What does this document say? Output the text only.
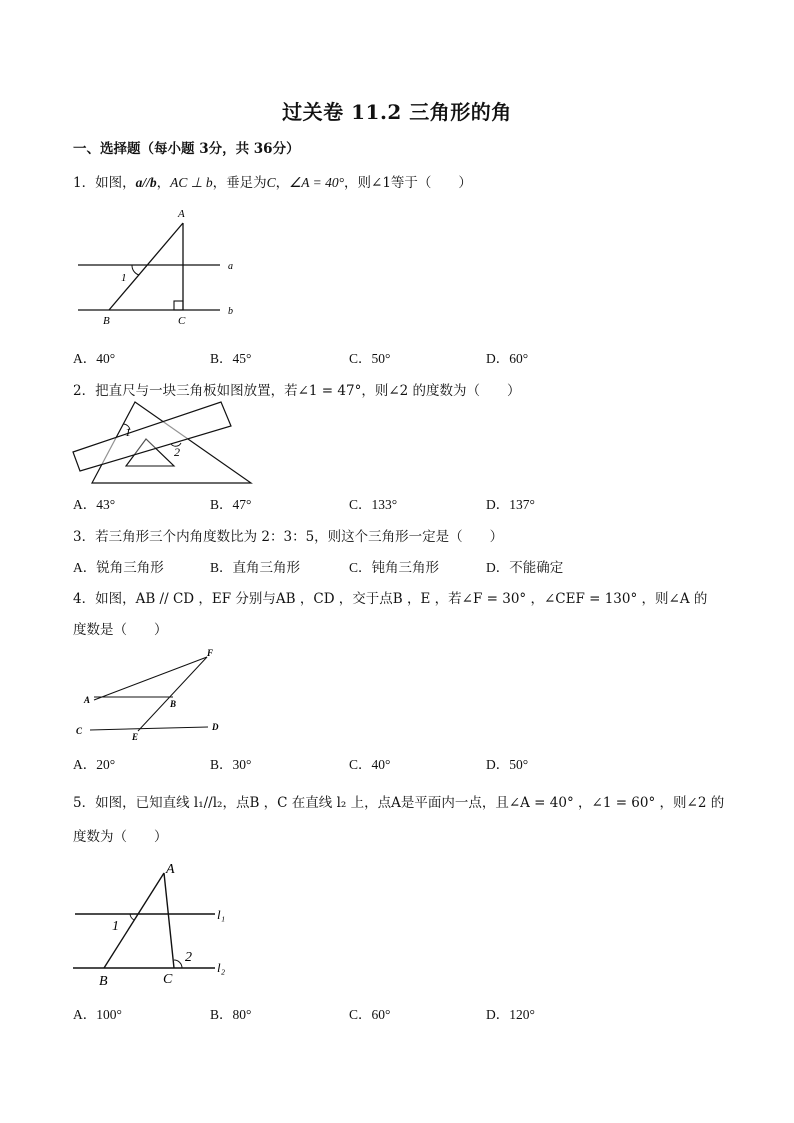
过关卷 11.2 三角形的角
一、选择题（每小题 3分，共 36分）
1．如图，a//b，AC ⊥ b，垂足为C，∠A = 40°，则∠1等于（　　）
A
B	C
a
b
1
A．40°	B．45°	C．50°	D．60°
2．把直尺与一块三角板如图放置，若∠1 = 47°，则∠2 的度数为（　　）
1
2
A．43°	B．47°	C．133°	D．137°
3．若三角形三个内角度数比为 2：3：5，则这个三角形一定是（　　）
A．锐角三角形	B．直角三角形	C．钝角三角形	D．不能确定
4．如图，AB // CD ，EF 分别与AB ，CD ，交于点B ，E ，若∠F = 30° ，∠CEF = 130° ，则∠A 的
度数是（　　）
F
A	B
C
E
D
A．20°	B．30°	C．40°	D．50°
5．如图，已知直线 l₁//l₂，点B ，C 在直线 l₂ 上，点A是平面内一点，且∠A = 40° ，∠1 = 60° ，则∠2 的
度数为（　　）
A
1
2
B	C
l₁
l₂
A．100°	B．80°	C．60°	D．120°
